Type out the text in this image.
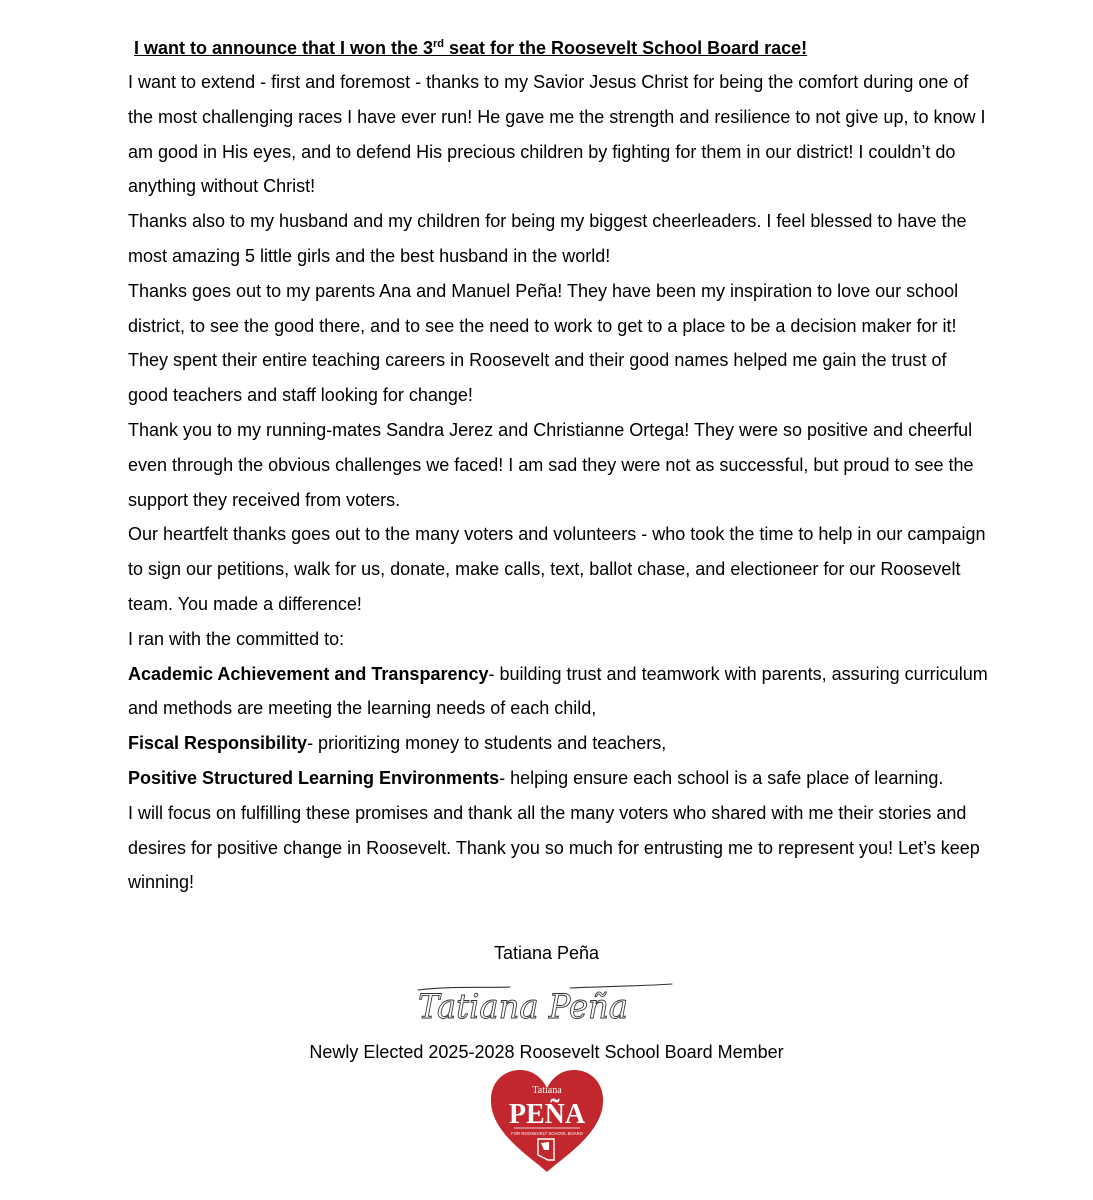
I want to announce that I won the 3rd seat for the Roosevelt School Board race!

I want to extend - first and foremost - thanks to my Savior Jesus Christ for being the comfort during one of the most challenging races I have ever run! He gave me the strength and resilience to not give up, to know I am good in His eyes, and to defend His precious children by fighting for them in our district! I couldn’t do anything without Christ!

Thanks also to my husband and my children for being my biggest cheerleaders. I feel blessed to have the most amazing 5 little girls and the best husband in the world!

Thanks goes out to my parents Ana and Manuel Peña! They have been my inspiration to love our school district, to see the good there, and to see the need to work to get to a place to be a decision maker for it! They spent their entire teaching careers in Roosevelt and their good names helped me gain the trust of good teachers and staff looking for change!

Thank you to my running-mates Sandra Jerez and Christianne Ortega! They were so positive and cheerful even through the obvious challenges we faced! I am sad they were not as successful, but proud to see the support they received from voters.

Our heartfelt thanks goes out to the many voters and volunteers - who took the time to help in our campaign to sign our petitions, walk for us, donate, make calls, text, ballot chase, and electioneer for our Roosevelt team. You made a difference!

I ran with the committed to:

Academic Achievement and Transparency- building trust and teamwork with parents, assuring curriculum and methods are meeting the learning needs of each child,

Fiscal Responsibility- prioritizing money to students and teachers,

Positive Structured Learning Environments- helping ensure each school is a safe place of learning.

I will focus on fulfilling these promises and thank all the many voters who shared with me their stories and desires for positive change in Roosevelt. Thank you so much for entrusting me to represent you! Let’s keep winning!

Tatiana Peña
Tatiana Peña
Newly Elected 2025-2028 Roosevelt School Board Member
Tatiana
PEÑA
FOR ROOSEVELT SCHOOL BOARD
